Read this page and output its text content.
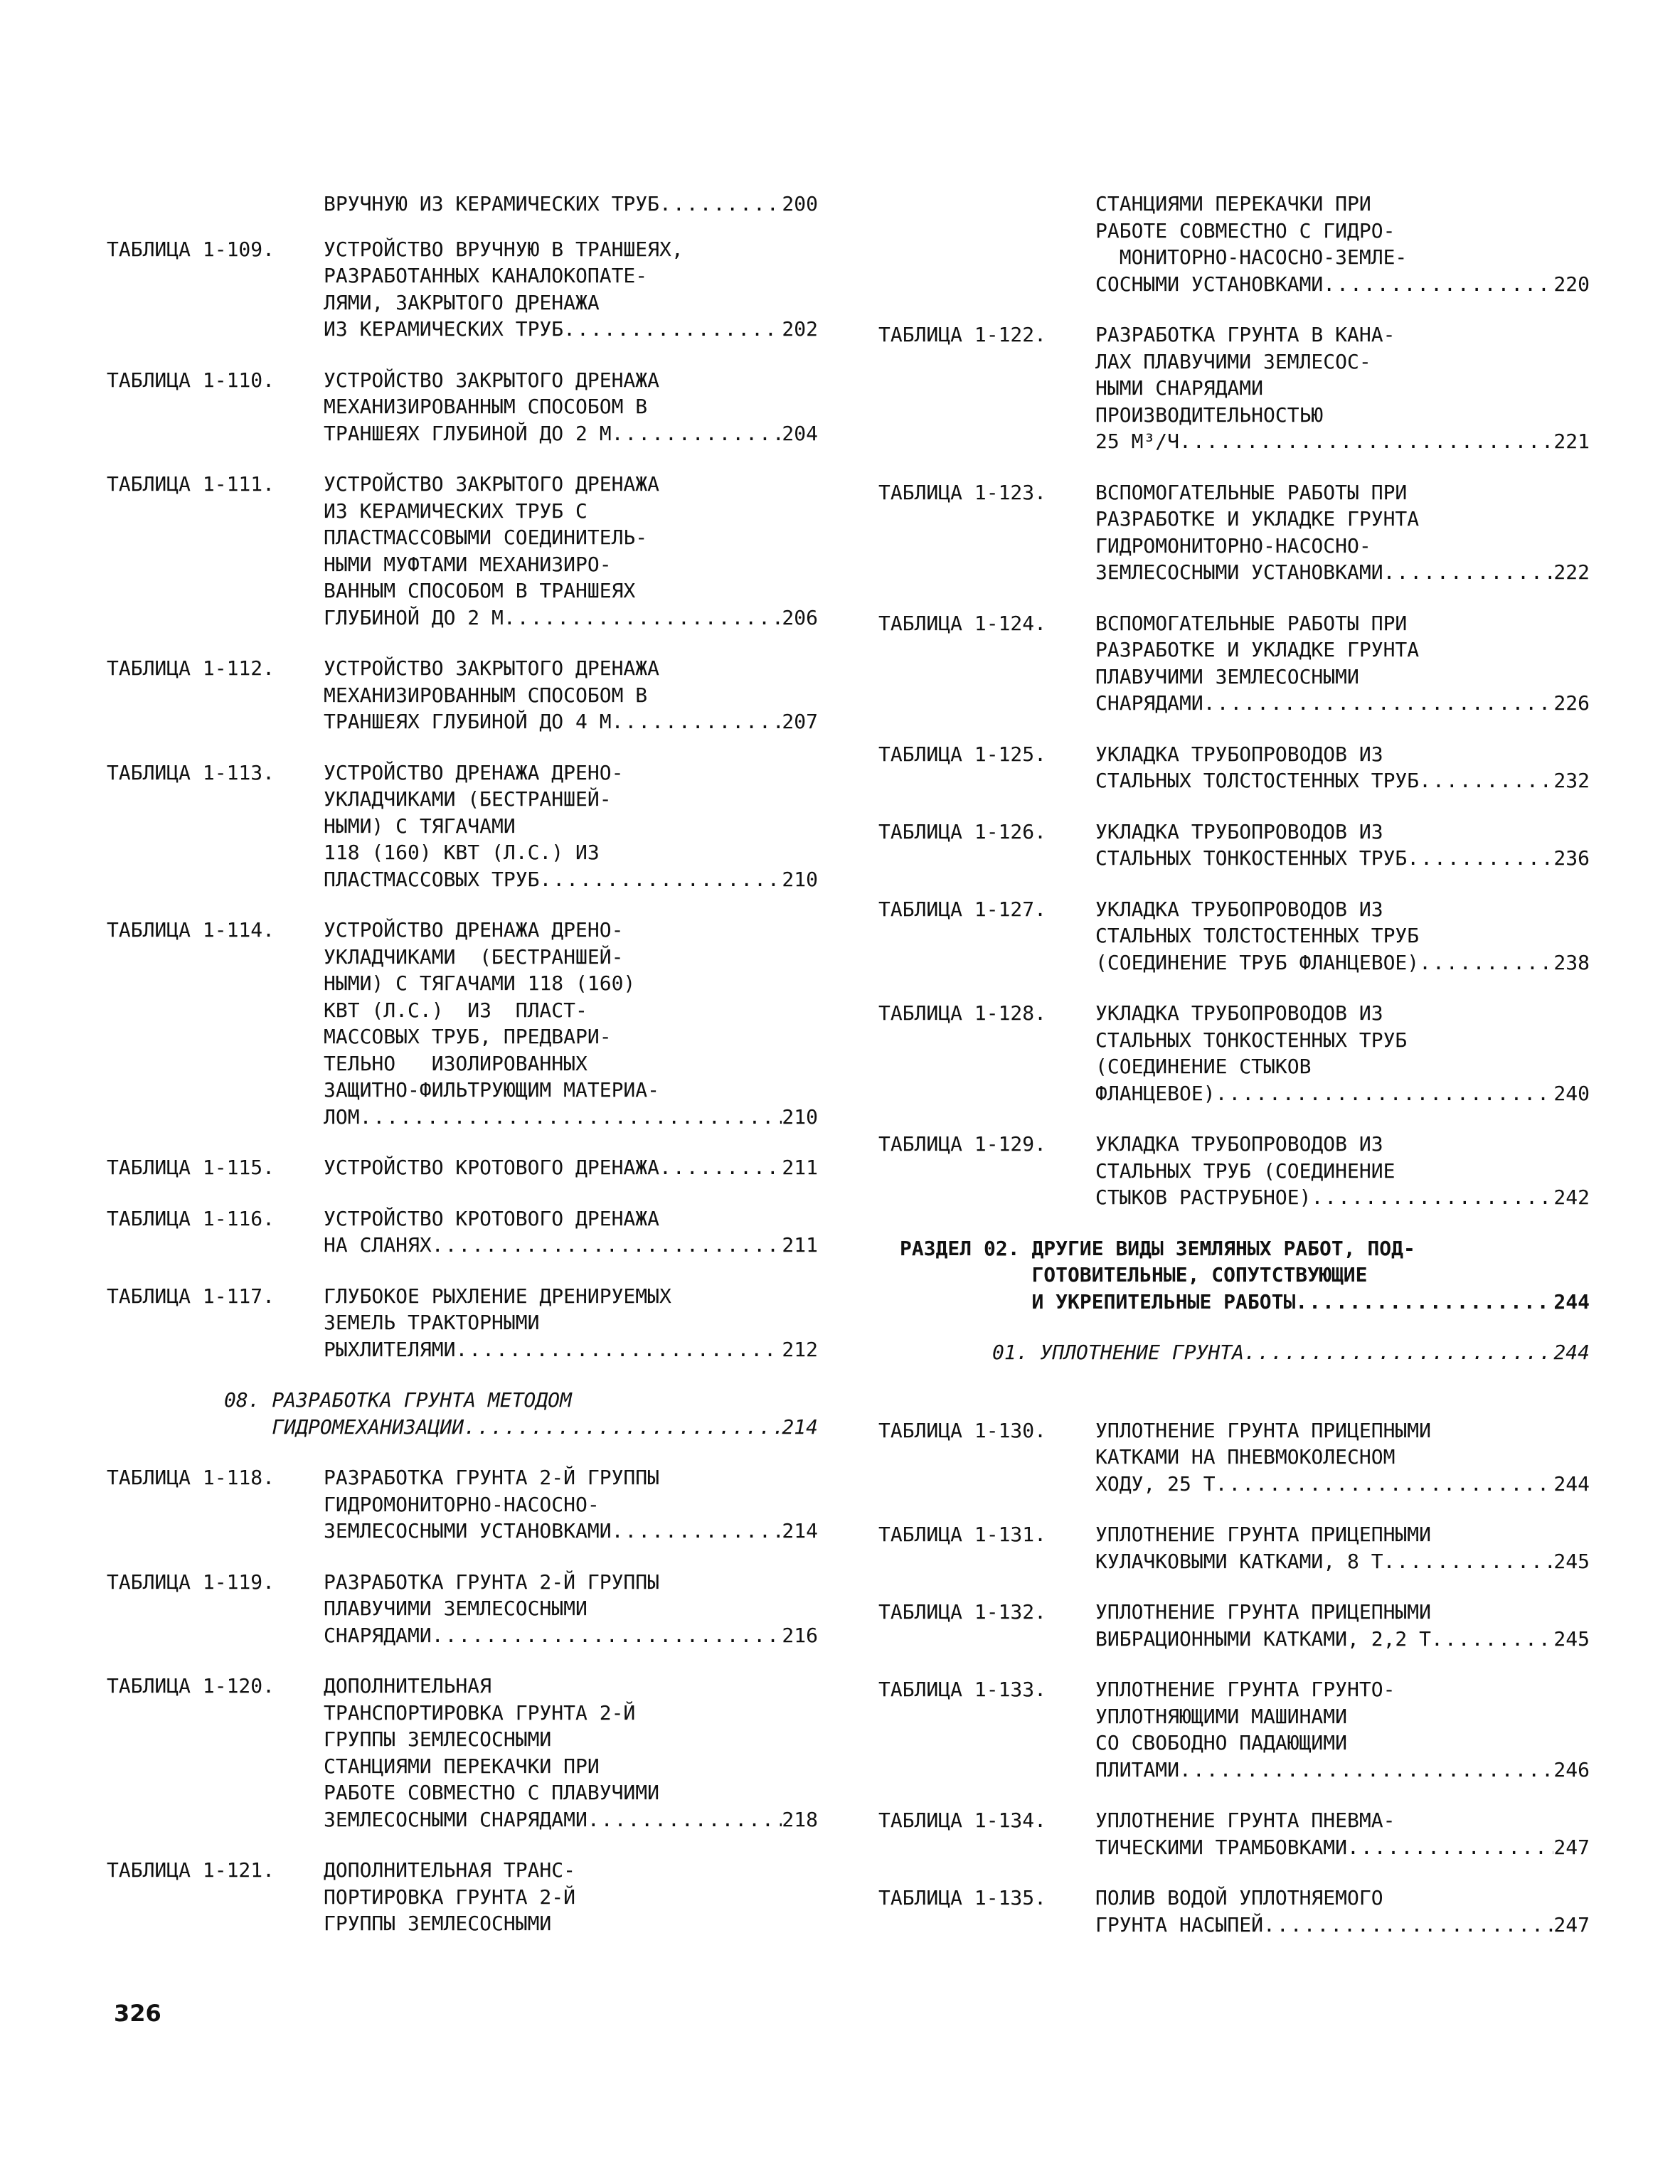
ВРУЧНУЮ ИЗ КЕРАМИЧЕСКИХ ТРУБ .....	200
ТАБЛИЦА 1-109.	УСТРОЙСТВО ВРУЧНУЮ В ТРАНШЕЯХ,
РАЗРАБОТАННЫХ КАНАЛОКОПАТЕ-
ЛЯМИ, ЗАКРЫТОГО ДРЕНАЖА
ИЗ КЕРАМИЧЕСКИХ ТРУБ .....	202
ТАБЛИЦА 1-110.	УСТРОЙСТВО ЗАКРЫТОГО ДРЕНАЖА
МЕХАНИЗИРОВАННЫМ СПОСОБОМ В
ТРАНШЕЯХ ГЛУБИНОЙ ДО 2 М .....	204
ТАБЛИЦА 1-111.	УСТРОЙСТВО ЗАКРЫТОГО ДРЕНАЖА
ИЗ КЕРАМИЧЕСКИХ ТРУБ С
ПЛАСТМАССОВЫМИ СОЕДИНИТЕЛЬ-
НЫМИ МУФТАМИ МЕХАНИЗИРО-
ВАННЫМ СПОСОБОМ В ТРАНШЕЯХ
ГЛУБИНОЙ ДО 2 М .....	206
ТАБЛИЦА 1-112.	УСТРОЙСТВО ЗАКРЫТОГО ДРЕНАЖА
МЕХАНИЗИРОВАННЫМ СПОСОБОМ В
ТРАНШЕЯХ ГЛУБИНОЙ ДО 4 М .....	207
ТАБЛИЦА 1-113.	УСТРОЙСТВО ДРЕНАЖА ДРЕНО-
УКЛАДЧИКАМИ (БЕСТРАНШЕЙ-
НЫМИ) С ТЯГАЧАМИ
118 (160) КВТ (Л.С.) ИЗ
ПЛАСТМАССОВЫХ ТРУБ .....	210
ТАБЛИЦА 1-114.	УСТРОЙСТВО ДРЕНАЖА ДРЕНО-
УКЛАДЧИКАМИ  (БЕСТРАНШЕЙ-
НЫМИ) С ТЯГАЧАМИ 118 (160)
КВТ (Л.С.)  ИЗ  ПЛАСТ-
МАССОВЫХ ТРУБ, ПРЕДВАРИ-
ТЕЛЬНО   ИЗОЛИРОВАННЫХ
ЗАЩИТНО-ФИЛЬТРУЮЩИМ МАТЕРИА-
ЛОМ .....	210
ТАБЛИЦА 1-115.	УСТРОЙСТВО КРОТОВОГО ДРЕНАЖА .....	211
ТАБЛИЦА 1-116.	УСТРОЙСТВО КРОТОВОГО ДРЕНАЖА
НА СЛАНЯХ .....	211
ТАБЛИЦА 1-117.	ГЛУБОКОЕ РЫХЛЕНИЕ ДРЕНИРУЕМЫХ
ЗЕМЕЛЬ ТРАКТОРНЫМИ
РЫХЛИТЕЛЯМИ .....	212
08. РАЗРАБОТКА ГРУНТА МЕТОДОМ
ГИДРОМЕХАНИЗАЦИИ .....	214
ТАБЛИЦА 1-118.	РАЗРАБОТКА ГРУНТА 2-Й ГРУППЫ
ГИДРОМОНИТОРНО-НАСОСНО-
ЗЕМЛЕСОСНЫМИ УСТАНОВКАМИ .....	214
ТАБЛИЦА 1-119.	РАЗРАБОТКА ГРУНТА 2-Й ГРУППЫ
ПЛАВУЧИМИ ЗЕМЛЕСОСНЫМИ
СНАРЯДАМИ .....	216
ТАБЛИЦА 1-120.	ДОПОЛНИТЕЛЬНАЯ
ТРАНСПОРТИРОВКА ГРУНТА 2-Й
ГРУППЫ ЗЕМЛЕСОСНЫМИ
СТАНЦИЯМИ ПЕРЕКАЧКИ ПРИ
РАБОТЕ СОВМЕСТНО С ПЛАВУЧИМИ
ЗЕМЛЕСОСНЫМИ СНАРЯДАМИ .....	218
ТАБЛИЦА 1-121.	ДОПОЛНИТЕЛЬНАЯ ТРАНС-
ПОРТИРОВКА ГРУНТА 2-Й
ГРУППЫ ЗЕМЛЕСОСНЫМИ
СТАНЦИЯМИ ПЕРЕКАЧКИ ПРИ
РАБОТЕ СОВМЕСТНО С ГИДРО-
МОНИТОРНО-НАСОСНО-ЗЕМЛЕ-
СОСНЫМИ УСТАНОВКАМИ .....	220
ТАБЛИЦА 1-122.	РАЗРАБОТКА ГРУНТА В КАНА-
ЛАХ ПЛАВУЧИМИ ЗЕМЛЕСОС-
НЫМИ СНАРЯДАМИ
ПРОИЗВОДИТЕЛЬНОСТЬЮ
25 М³/Ч .....	221
ТАБЛИЦА 1-123.	ВСПОМОГАТЕЛЬНЫЕ РАБОТЫ ПРИ
РАЗРАБОТКЕ И УКЛАДКЕ ГРУНТА
ГИДРОМОНИТОРНО-НАСОСНО-
ЗЕМЛЕСОСНЫМИ УСТАНОВКАМИ .....	222
ТАБЛИЦА 1-124.	ВСПОМОГАТЕЛЬНЫЕ РАБОТЫ ПРИ
РАЗРАБОТКЕ И УКЛАДКЕ ГРУНТА
ПЛАВУЧИМИ ЗЕМЛЕСОСНЫМИ
СНАРЯДАМИ .....	226
ТАБЛИЦА 1-125.	УКЛАДКА ТРУБОПРОВОДОВ ИЗ
СТАЛЬНЫХ ТОЛСТОСТЕННЫХ ТРУБ .....	232
ТАБЛИЦА 1-126.	УКЛАДКА ТРУБОПРОВОДОВ ИЗ
СТАЛЬНЫХ ТОНКОСТЕННЫХ ТРУБ .....	236
ТАБЛИЦА 1-127.	УКЛАДКА ТРУБОПРОВОДОВ ИЗ
СТАЛЬНЫХ ТОЛСТОСТЕННЫХ ТРУБ
(СОЕДИНЕНИЕ ТРУБ ФЛАНЦЕВОЕ) .....	238
ТАБЛИЦА 1-128.	УКЛАДКА ТРУБОПРОВОДОВ ИЗ
СТАЛЬНЫХ ТОНКОСТЕННЫХ ТРУБ
(СОЕДИНЕНИЕ СТЫКОВ
ФЛАНЦЕВОЕ) .....	240
ТАБЛИЦА 1-129.	УКЛАДКА ТРУБОПРОВОДОВ ИЗ
СТАЛЬНЫХ ТРУБ (СОЕДИНЕНИЕ
СТЫКОВ РАСТРУБНОЕ) .....	242
РАЗДЕЛ 02. ДРУГИЕ ВИДЫ ЗЕМЛЯНЫХ РАБОТ, ПОД-
ГОТОВИТЕЛЬНЫЕ, СОПУТСТВУЮЩИЕ
И УКРЕПИТЕЛЬНЫЕ РАБОТЫ .....	244
01. УПЛОТНЕНИЕ ГРУНТА .....	244
ТАБЛИЦА 1-130.	УПЛОТНЕНИЕ ГРУНТА ПРИЦЕПНЫМИ
КАТКАМИ НА ПНЕВМОКОЛЕСНОМ
ХОДУ, 25 Т .....	244
ТАБЛИЦА 1-131.	УПЛОТНЕНИЕ ГРУНТА ПРИЦЕПНЫМИ
КУЛАЧКОВЫМИ КАТКАМИ, 8 Т .....	245
ТАБЛИЦА 1-132.	УПЛОТНЕНИЕ ГРУНТА ПРИЦЕПНЫМИ
ВИБРАЦИОННЫМИ КАТКАМИ, 2,2 Т .....	245
ТАБЛИЦА 1-133.	УПЛОТНЕНИЕ ГРУНТА ГРУНТО-
УПЛОТНЯЮЩИМИ МАШИНАМИ
СО СВОБОДНО ПАДАЮЩИМИ
ПЛИТАМИ .....	246
ТАБЛИЦА 1-134.	УПЛОТНЕНИЕ ГРУНТА ПНЕВМА-
ТИЧЕСКИМИ ТРАМБОВКАМИ .....	247
ТАБЛИЦА 1-135.	ПОЛИВ ВОДОЙ УПЛОТНЯЕМОГО
ГРУНТА НАСЫПЕЙ .....	247
326
